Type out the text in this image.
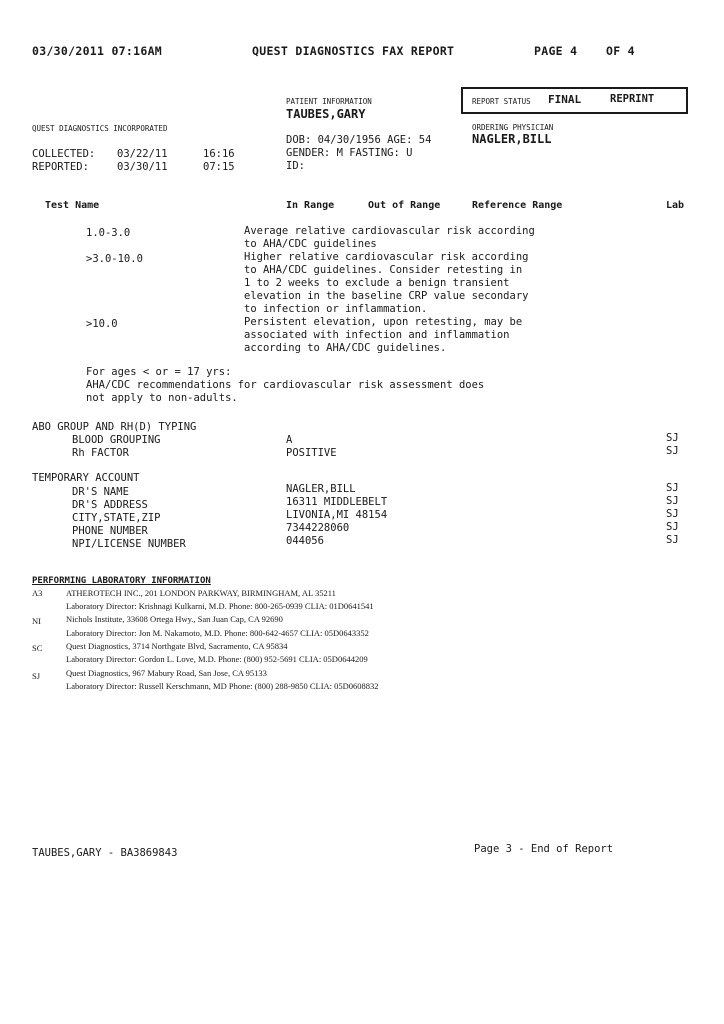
03/30/2011 07:16AM	QUEST DIAGNOSTICS FAX REPORT	PAGE 4 OF 4
PATIENT INFORMATION
TAUBES,GARY
DOB: 04/30/1956 AGE: 54
GENDER: M FASTING: U
ID:
REPORT STATUS FINAL	REPRINT
ORDERING PHYSICIAN
NAGLER,BILL
QUEST DIAGNOSTICS INCORPORATED
COLLECTED: 03/22/11	16:16
REPORTED:	03/30/11	07:15
Test Name	In Range	Out of Range	Reference Range	Lab
1.0-3.0	Average relative cardiovascular risk according
to AHA/CDC guidelines
>3.0-10.0	Higher relative cardiovascular risk according
to AHA/CDC guidelines. Consider retesting in
1 to 2 weeks to exclude a benign transient
elevation in the baseline CRP value secondary
to infection or inflammation.
>10.0	Persistent elevation, upon retesting, may be
associated with infection and inflammation
according to AHA/CDC guidelines.
For ages < or = 17 yrs:
AHA/CDC recommendations for cardiovascular risk assessment does
not apply to non-adults.
ABO GROUP AND RH(D) TYPING
BLOOD GROUPING	A	SJ
Rh FACTOR	POSITIVE	SJ
TEMPORARY ACCOUNT
DR'S NAME	NAGLER,BILL	SJ
DR'S ADDRESS	16311 MIDDLEBELT	SJ
CITY,STATE,ZIP	LIVONIA,MI 48154	SJ
PHONE NUMBER	7344228060	SJ
NPI/LICENSE NUMBER	044056	SJ
PERFORMING LABORATORY INFORMATION
A3	ATHEROTECH INC., 201 LONDON PARKWAY, BIRMINGHAM, AL 35211
Laboratory Director: Krishnagi Kulkarni, M.D. Phone: 800-265-0939 CLIA: 01D0641541
NI	Nichols Institute, 33608 Ortega Hwy., San Juan Cap, CA 92690
Laboratory Director: Jon M. Nakamoto, M.D. Phone: 800-642-4657 CLIA: 05D0643352
SC	Quest Diagnostics, 3714 Northgate Blvd, Sacramento, CA 95834
Laboratory Director: Gordon L. Love, M.D. Phone: (800) 952-5691 CLIA: 05D0644209
SJ	Quest Diagnostics, 967 Mabury Road, San Jose, CA 95133
Laboratory Director: Russell Kerschmann, MD Phone: (800) 288-9850 CLIA: 05D0608832
TAUBES,GARY - BA3869843	Page 3 - End of Report
